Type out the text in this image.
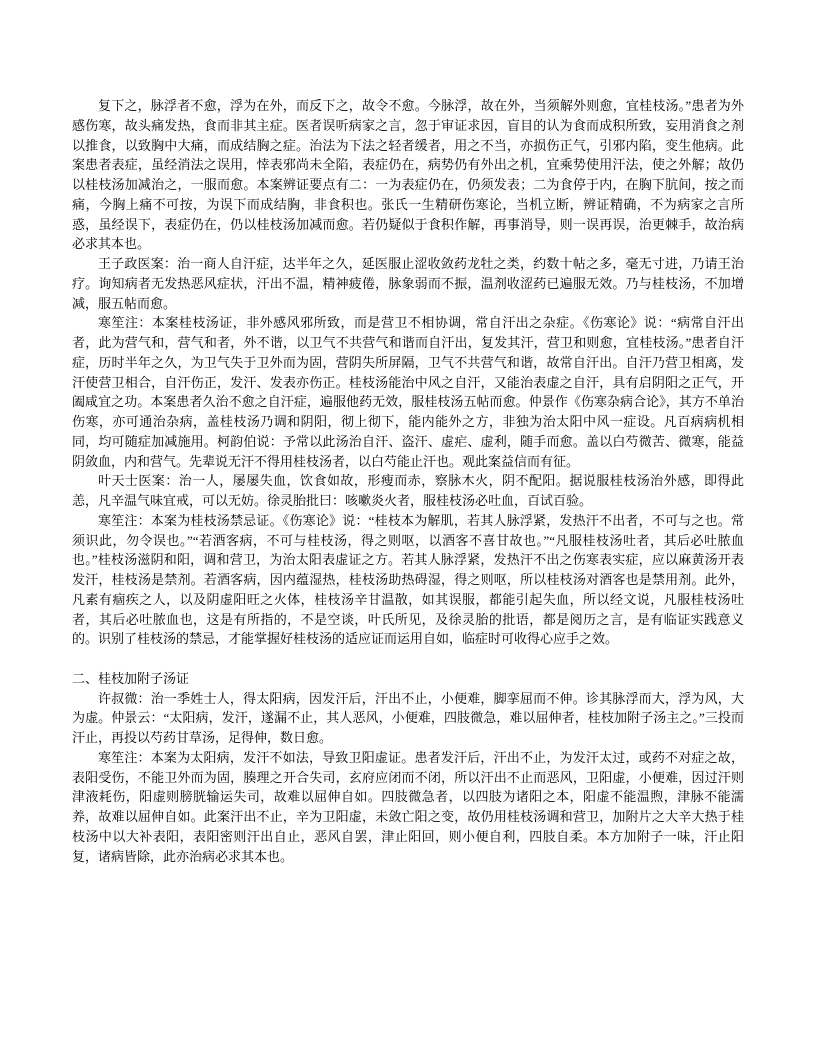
复下之，脉浮者不愈，浮为在外，而反下之，故令不愈。今脉浮，故在外，当须解外则愈，宜桂枝汤。”患者为外感伤寒，故头痛发热，食而非其主症。医者误听病家之言，忽于审证求因，盲目的认为食而成积所致，妄用消食之剂以推食，以致胸中大痛，而成结胸之症。治法为下法之轻者缓者，用之不当，亦损伤正气，引邪内陷，变生他病。此案患者表症，虽经消法之误用，悻表邪尚未全陷，表症仍在，病势仍有外出之机，宜乘势使用汗法，使之外解；故仍以桂枝汤加减治之，一服而愈。本案辨证要点有二：一为表症仍在，仍须发表；二为食停于内，在胸下肮间，按之而痛，今胸上痛不可按，为误下而成结胸，非食积也。张氏一生精研伤寒论，当机立断，辨证精确，不为病家之言所惑，虽经误下，表症仍在，仍以桂枝汤加减而愈。若仍疑似于食积作解，再事消导，则一误再误，治更棘手，故治病必求其本也。

王子政医案：治一商人自汗症，达半年之久，延医服止涩收敛药龙牡之类，约数十帖之多，毫无寸进，乃请王治疗。询知病者无发热恶风症状，汗出不温，精神疲倦，脉象弱而不振，温剂收涩药已遍服无效。乃与桂枝汤，不加增减，服五帖而愈。

寒笙注：本案桂枝汤证，非外感风邪所致，而是营卫不相协调，常自汗出之杂症。《伤寒论》说：“病常自汗出者，此为营气和，营气和者，外不谐，以卫气不共营气和谐而自汗出，复发其汗，营卫和则愈，宜桂枝汤。”患者自汗症，历时半年之久，为卫气失于卫外而为固，营阴失所屏隔，卫气不共营气和谐，故常自汗出。自汗乃营卫相离，发汗使营卫相合，自汗伤正，发汗、发表亦伤正。桂枝汤能治中风之自汗，又能治表虚之自汗，具有启阴阳之正气，开阖咸宜之功。本案患者久治不愈之自汗症，遍服他药无效，服桂枝汤五帖而愈。仲景作《伤寒杂病合论》，其方不单治伤寒，亦可通治杂病，盖桂枝汤乃调和阴阳，彻上彻下，能内能外之方，非独为治太阳中风一症设。凡百病病机相同，均可随症加减施用。柯韵伯说：予常以此汤治自汗、盗汗、虚疟、虚利，随手而愈。盖以白芍微苦、微寒，能益阴敛血，内和营气。先辈说无汗不得用桂枝汤者，以白芍能止汗也。观此案益信而有征。

叶天士医案：治一人，屡屡失血，饮食如故，形瘦而赤，察脉木火，阴不配阳。据说服桂枝汤治外感，即得此恙，凡辛温气味宜戒，可以无妨。徐灵胎批曰：咳嗽炎火者，服桂枝汤必吐血，百试百验。

寒笙注：本案为桂枝汤禁忌证。《伤寒论》说：“桂枝本为解肌，若其人脉浮紧，发热汗不出者，不可与之也。常须识此，勿令误也。”“若酒客病，不可与桂枝汤，得之则呕，以酒客不喜甘故也。”“凡服桂枝汤吐者，其后必吐脓血也。”桂枝汤滋阴和阳，调和营卫，为治太阳表虚证之方。若其人脉浮紧，发热汗不出之伤寒表实症，应以麻黄汤开表发汗，桂枝汤是禁剂。若酒客病，因内蕴湿热，桂枝汤助热碍湿，得之则呕，所以桂枝汤对酒客也是禁用剂。此外，凡素有痼疾之人，以及阴虚阳旺之火体，桂枝汤辛甘温散，如其误服，都能引起失血，所以经文说，凡服桂枝汤吐者，其后必吐脓血也，这是有所指的，不是空谈，叶氏所见，及徐灵胎的批语，都是阅历之言，是有临证实践意义的。识别了桂枝汤的禁忌，才能掌握好桂枝汤的适应证而运用自如，临症时可收得心应手之效。

二、桂枝加附子汤证

许叔微：治一季姓士人，得太阳病，因发汗后，汗出不止，小便难，脚挛屈而不伸。诊其脉浮而大，浮为风，大为虚。仲景云：“太阳病，发汗，遂漏不止，其人恶风，小便难，四肢微急，难以屈伸者，桂枝加附子汤主之。”三投而汗止，再投以芍药甘草汤，足得伸，数日愈。

寒笙注：本案为太阳病，发汗不如法，导致卫阳虚证。患者发汗后，汗出不止，为发汗太过，或药不对症之故，表阳受伤，不能卫外而为固，腠理之开合失司，玄府应闭而不闭，所以汗出不止而恶风，卫阳虚，小便难，因过汗则津液耗伤，阳虚则膀胱输运失司，故难以屈伸自如。四肢微急者，以四肢为诸阳之本，阳虚不能温煦，津脉不能濡养，故难以屈伸自如。此案汗出不止，辛为卫阳虚，未敛亡阳之变，故仍用桂枝汤调和营卫，加附片之大辛大热于桂枝汤中以大补表阳，表阳密则汗出自止，恶风自罢，津止阳回，则小便自利，四肢自柔。本方加附子一味，汗止阳复，诸病皆除，此亦治病必求其本也。
